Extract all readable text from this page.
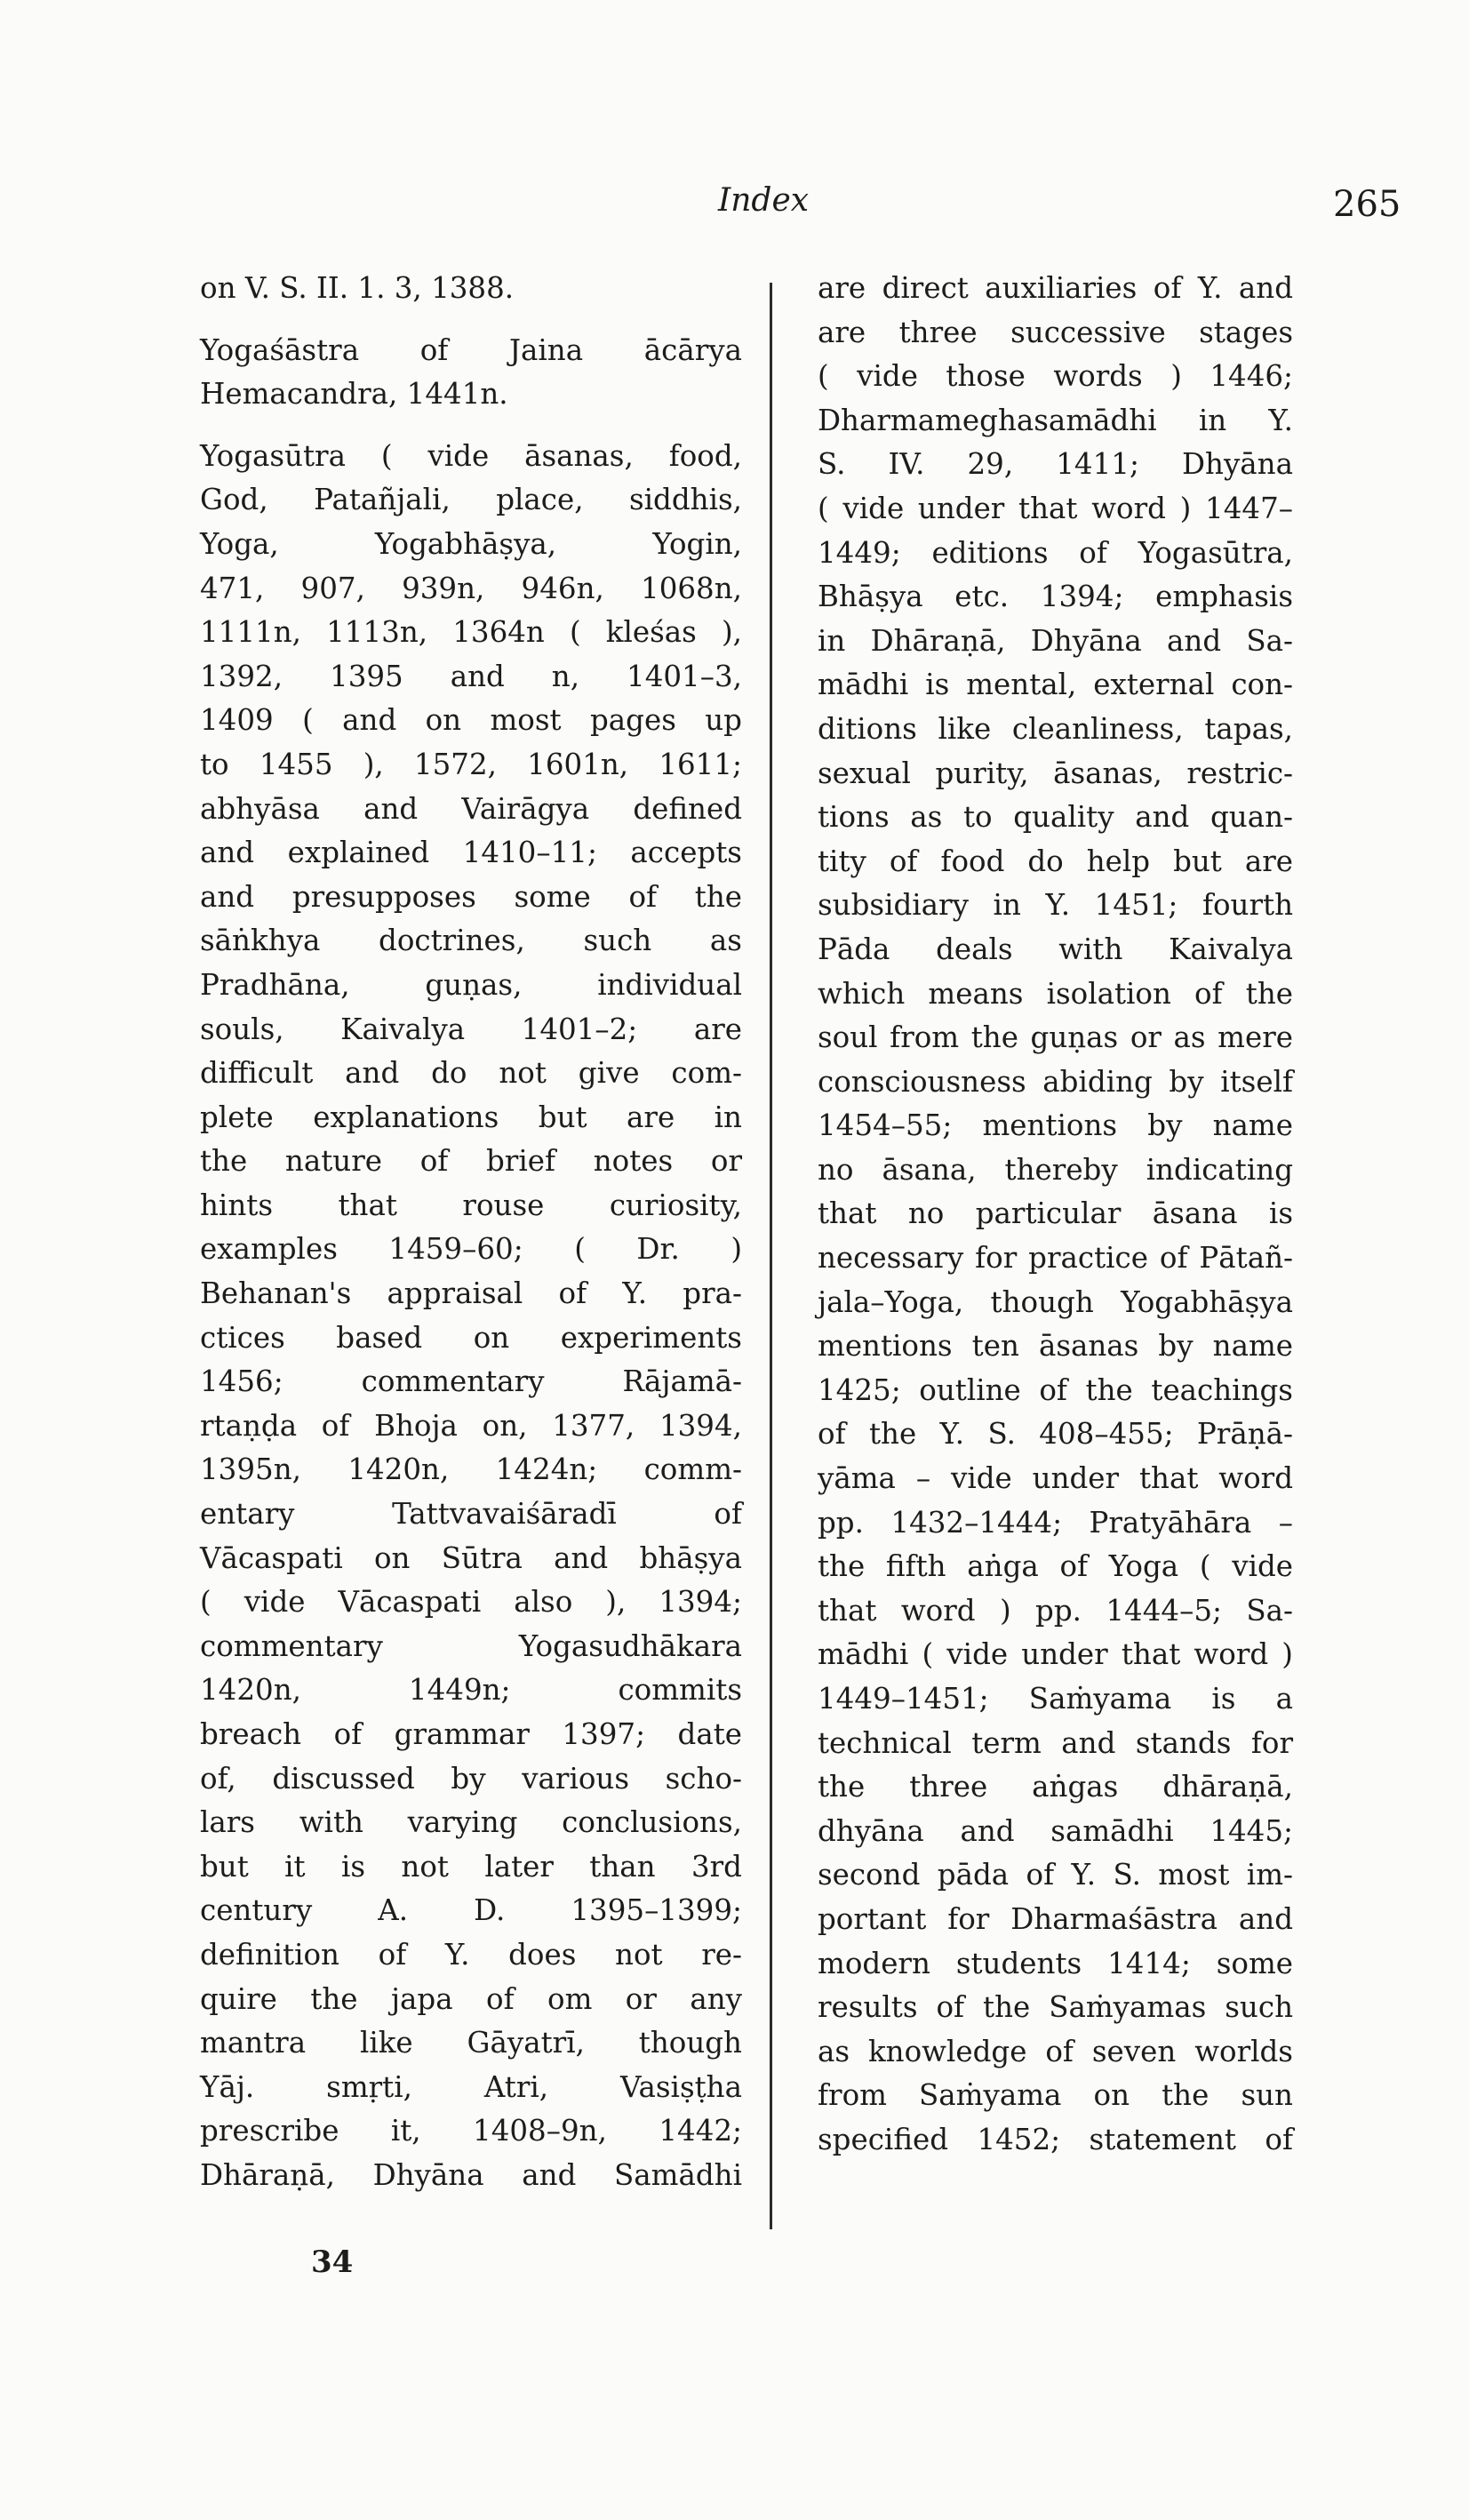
Index	265
on V. S. II. 1. 3, 1388.
Yogaśāstra of Jaina ācārya
Hemacandra, 1441n.
Yogasūtra ( vide āsanas, food,
God, Patañjali, place, siddhis,
Yoga, Yogabhāṣya, Yogin,
471, 907, 939n, 946n, 1068n,
1111n, 1113n, 1364n ( kleśas ),
1392, 1395 and n, 1401–3,
1409 ( and on most pages up
to 1455 ), 1572, 1601n, 1611;
abhyāsa and Vairāgya defined
and explained 1410–11; accepts
and presupposes some of the
sāṅkhya doctrines, such as
Pradhāna, guṇas, individual
souls, Kaivalya 1401–2; are
difficult and do not give com-
plete explanations but are in
the nature of brief notes or
hints that rouse curiosity,
examples 1459–60; ( Dr. )
Behanan's appraisal of Y. pra-
ctices based on experiments
1456; commentary Rājamā-
rtaṇḍa of Bhoja on, 1377, 1394,
1395n, 1420n, 1424n; comm-
entary Tattvavaiśāradī of
Vācaspati on Sūtra and bhāṣya
( vide Vācaspati also ), 1394;
commentary Yogasudhākara
1420n, 1449n; commits
breach of grammar 1397; date
of, discussed by various scho-
lars with varying conclusions,
but it is not later than 3rd
century A. D. 1395–1399;
definition of Y. does not re-
quire the japa of om or any
mantra like Gāyatrī, though
Yāj. smṛti, Atri, Vasiṣṭha
prescribe it, 1408–9n, 1442;
Dhāraṇā, Dhyāna and Samādhi
are direct auxiliaries of Y. and
are three successive stages
( vide those words ) 1446;
Dharmameghasamādhi in Y.
S. IV. 29, 1411; Dhyāna
( vide under that word ) 1447–
1449; editions of Yogasūtra,
Bhāṣya etc. 1394; emphasis
in Dhāraṇā, Dhyāna and Sa-
mādhi is mental, external con-
ditions like cleanliness, tapas,
sexual purity, āsanas, restric-
tions as to quality and quan-
tity of food do help but are
subsidiary in Y. 1451; fourth
Pāda deals with Kaivalya
which means isolation of the
soul from the guṇas or as mere
consciousness abiding by itself
1454–55; mentions by name
no āsana, thereby indicating
that no particular āsana is
necessary for practice of Pātañ-
jala–Yoga, though Yogabhāṣya
mentions ten āsanas by name
1425; outline of the teachings
of the Y. S. 408–455; Prāṇā-
yāma – vide under that word
pp. 1432–1444; Pratyāhāra –
the fifth aṅga of Yoga ( vide
that word ) pp. 1444–5; Sa-
mādhi ( vide under that word )
1449–1451; Saṁyama is a
technical term and stands for
the three aṅgas dhāraṇā,
dhyāna and samādhi 1445;
second pāda of Y. S. most im-
portant for Dharmaśāstra and
modern students 1414; some
results of the Saṁyamas such
as knowledge of seven worlds
from Saṁyama on the sun
specified 1452; statement of
34
